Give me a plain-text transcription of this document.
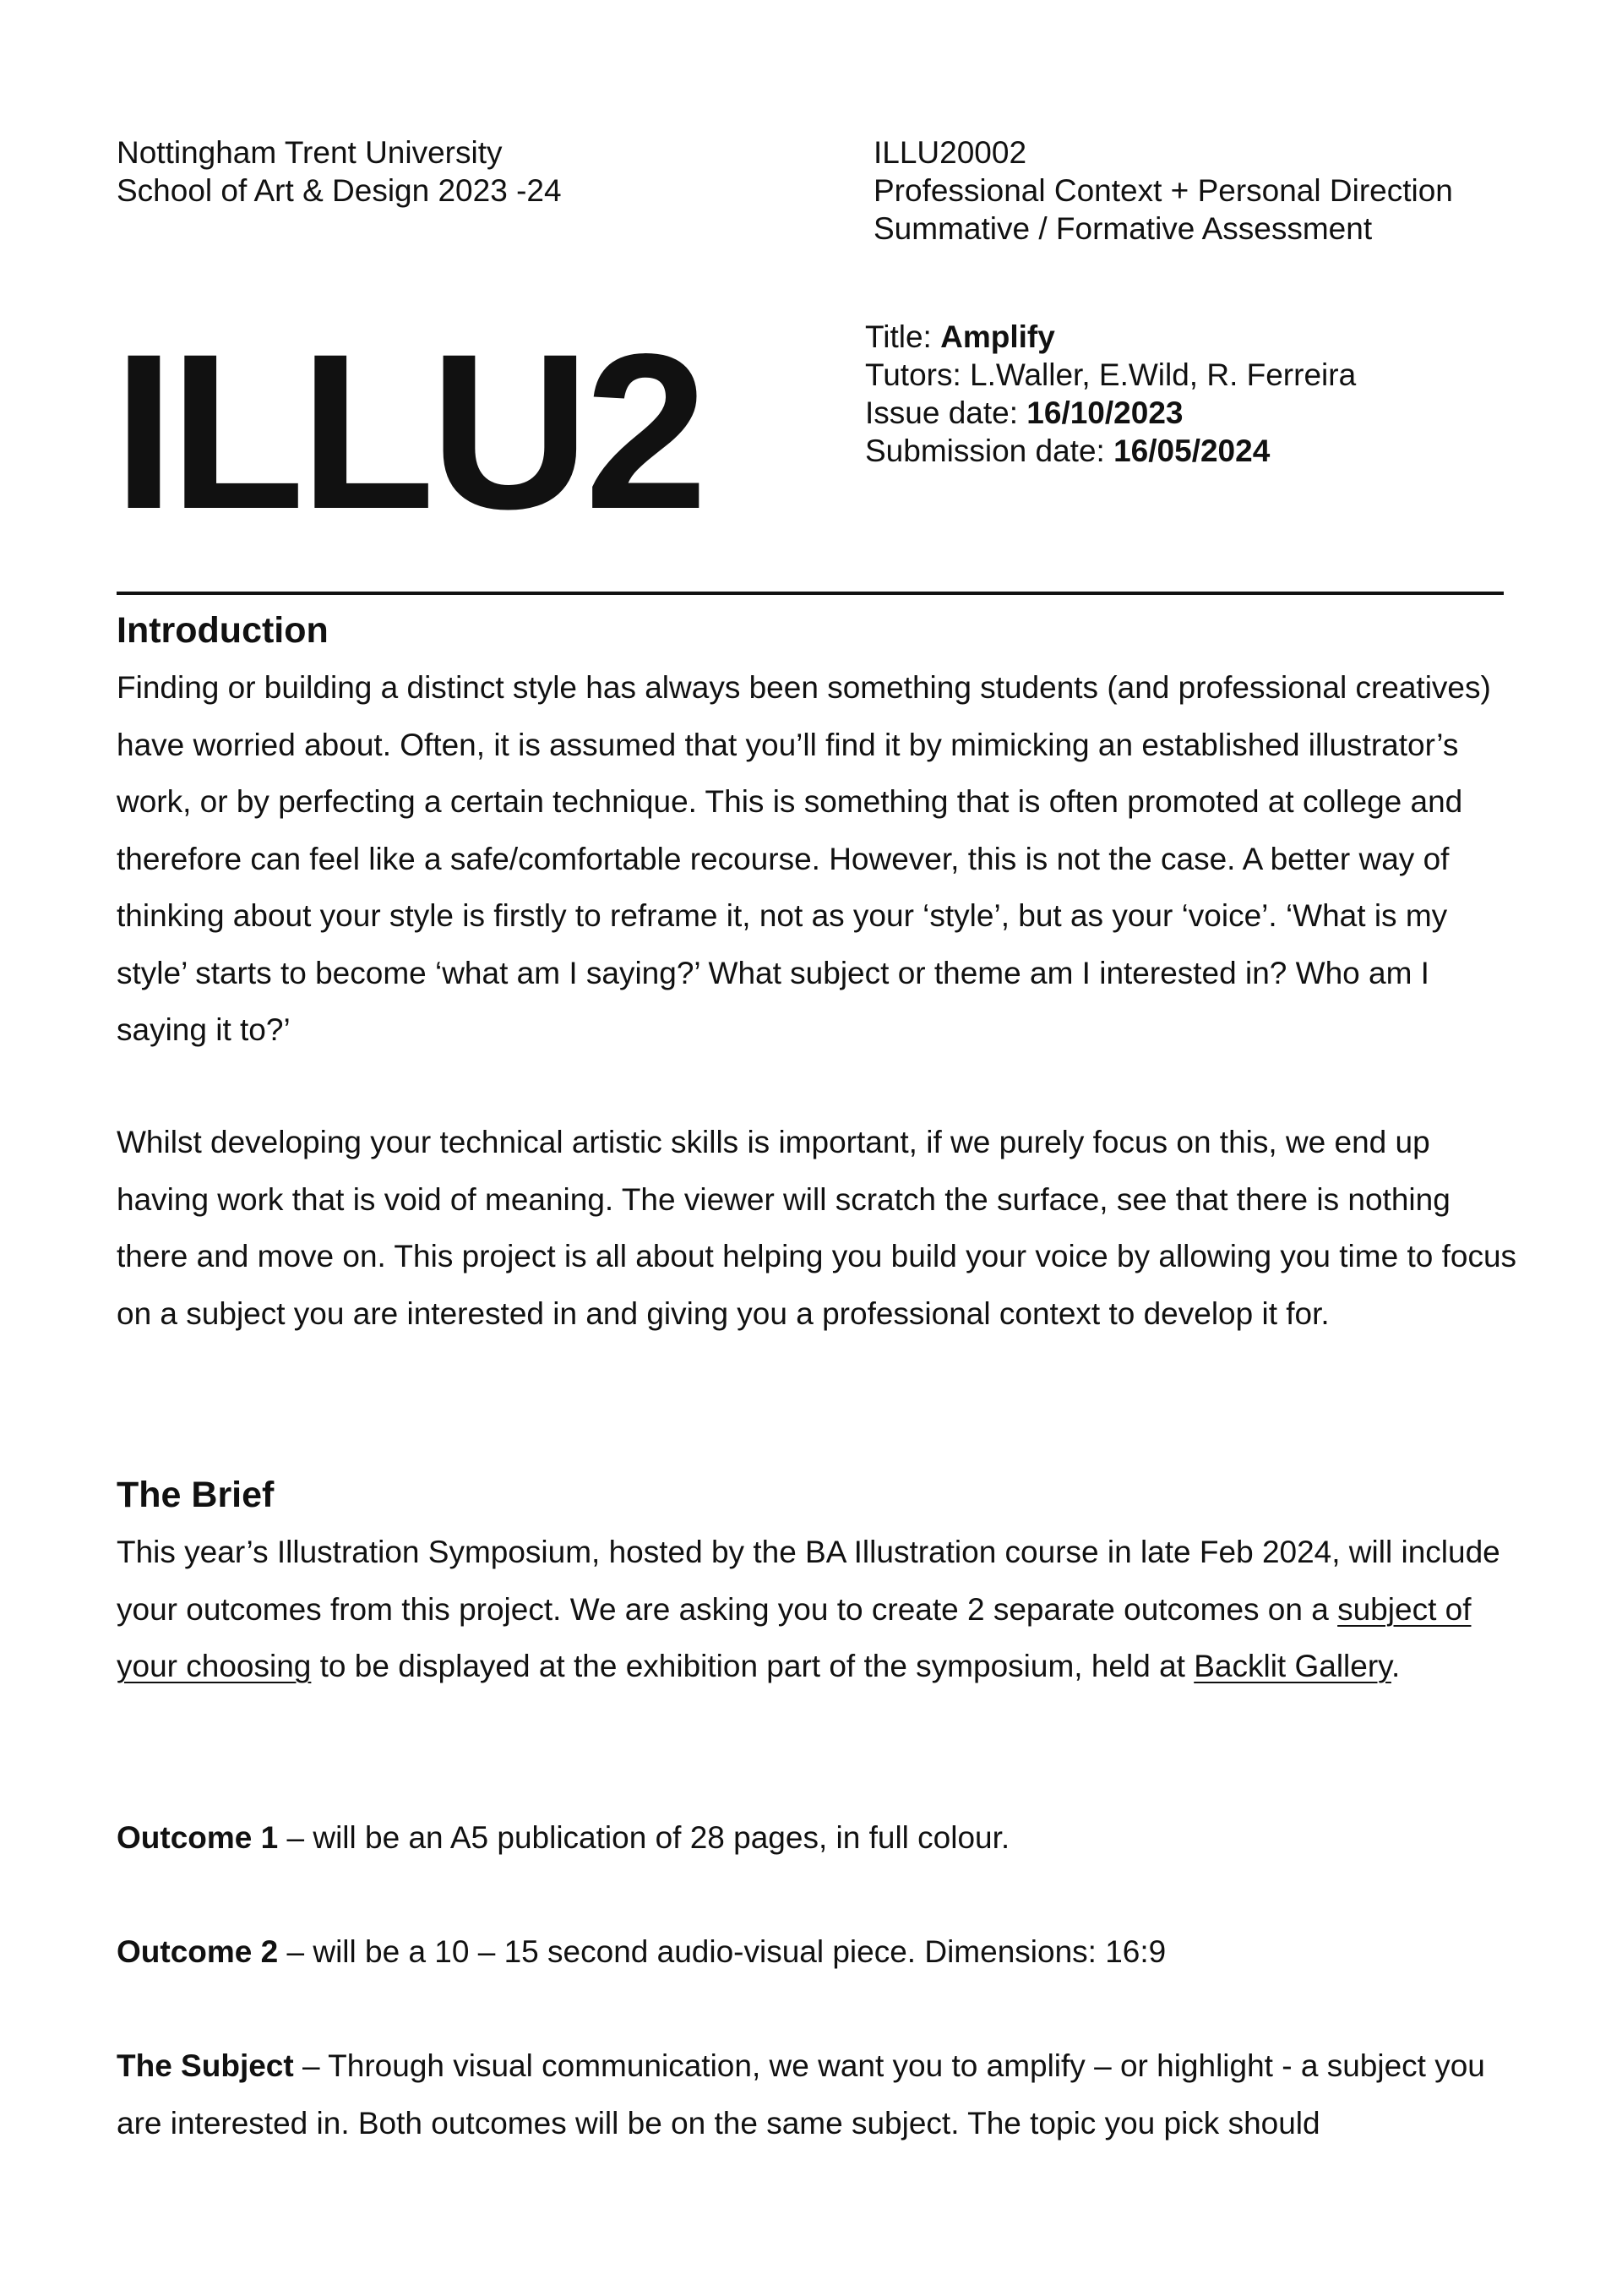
Nottingham Trent University
School of Art & Design 2023 -24
ILLU20002
Professional Context + Personal Direction
Summative / Formative Assessment
ILLU2	Title: Amplify
Tutors: L.Waller, E.Wild, R. Ferreira
Issue date: 16/10/2023
Submission date: 16/05/2024
Introduction

Finding or building a distinct style has always been something students (and professional creatives) have worried about. Often, it is assumed that you’ll find it by mimicking an established illustrator’s work, or by perfecting a certain technique. This is something that is often promoted at college and therefore can feel like a safe/comfortable recourse. However, this is not the case. A better way of thinking about your style is firstly to reframe it, not as your ‘style’, but as your ‘voice’. ‘What is my style’ starts to become ‘what am I saying?’ What subject or theme am I interested in? Who am I saying it to?’

Whilst developing your technical artistic skills is important, if we purely focus on this, we end up having work that is void of meaning. The viewer will scratch the surface, see that there is nothing there and move on. This project is all about helping you build your voice by allowing you time to focus on a subject you are interested in and giving you a professional context to develop it for.

The Brief

This year’s Illustration Symposium, hosted by the BA Illustration course in late Feb 2024, will include your outcomes from this project. We are asking you to create 2 separate outcomes on a subject of your choosing to be displayed at the exhibition part of the symposium, held at Backlit Gallery.

Outcome 1 – will be an A5 publication of 28 pages, in full colour.

Outcome 2 – will be a 10 – 15 second audio-visual piece. Dimensions: 16:9

The Subject – Through visual communication, we want you to amplify – or highlight - a subject you are interested in. Both outcomes will be on the same subject. The topic you pick should
